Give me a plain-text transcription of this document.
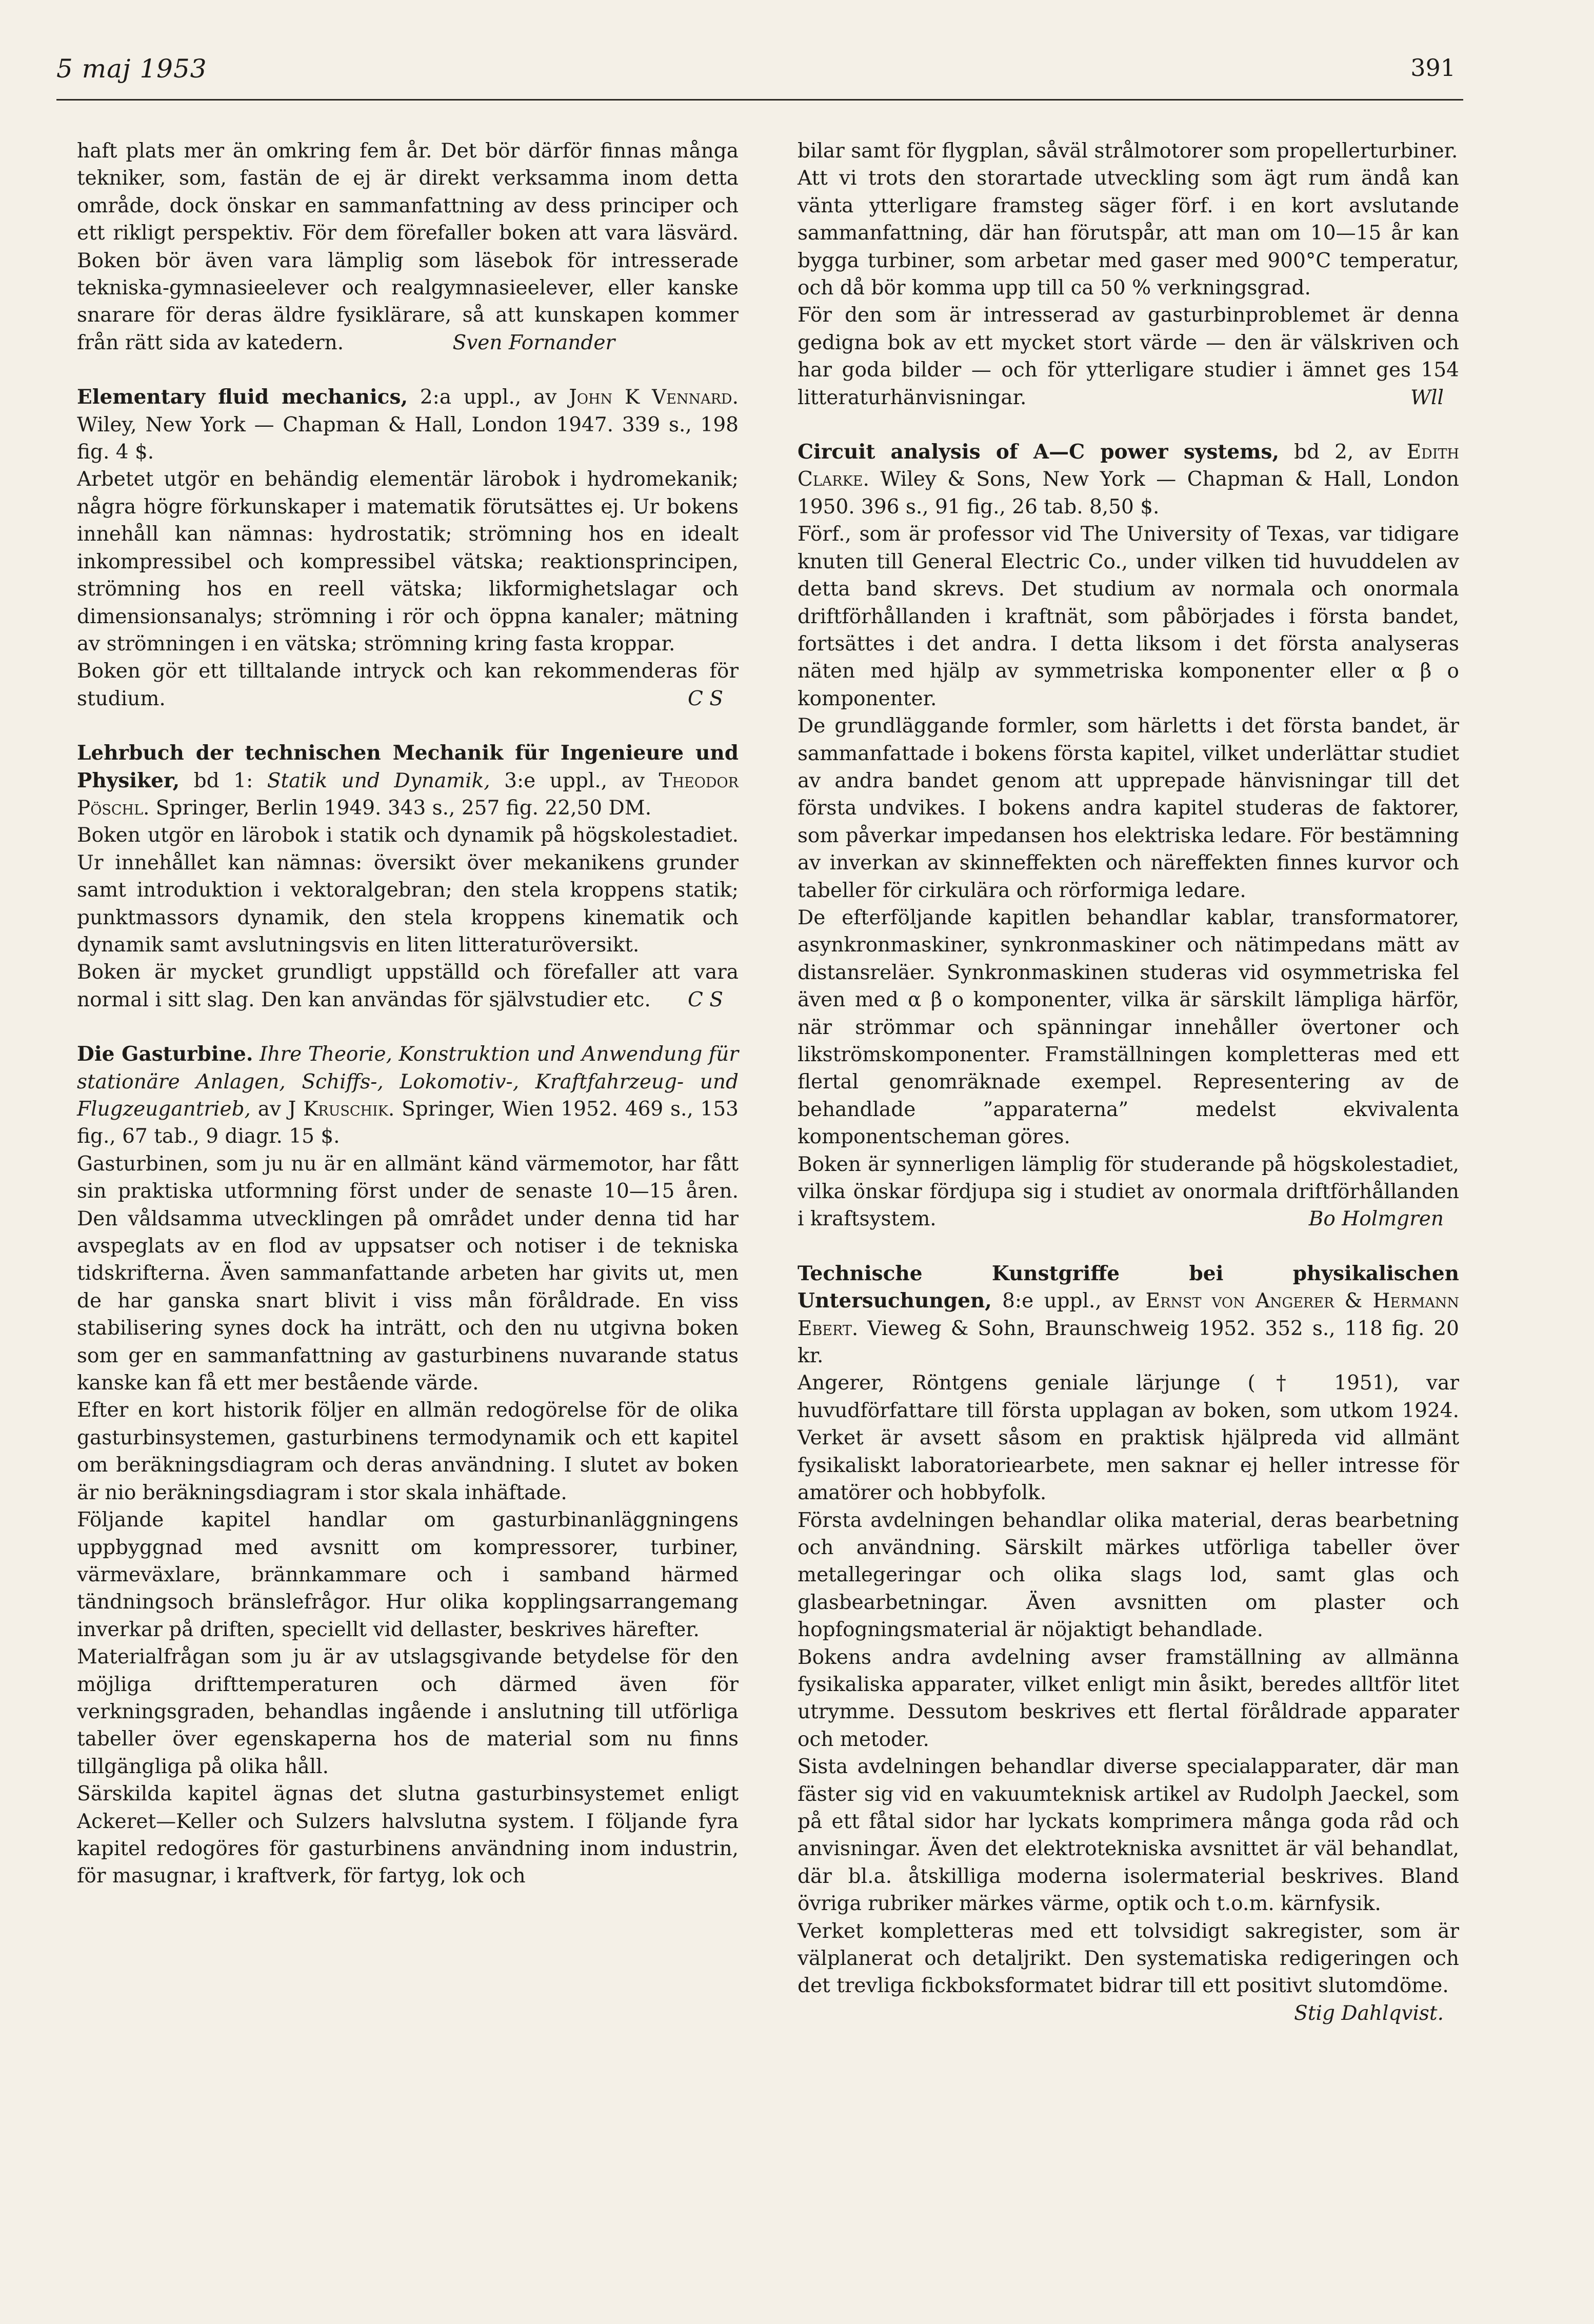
5 maj 1953	391

haft plats mer än omkring fem år. Det bör därför finnas många tekniker, som, fastän de ej är direkt verksamma inom detta område, dock önskar en sammanfattning av dess principer och ett rikligt perspektiv. För dem förefaller boken att vara läsvärd. Boken bör även vara lämplig som läsebok för intresserade tekniska-gymnasieelever och realgymnasieelever, eller kanske snarare för deras äldre fysiklärare, så att kunskapen kommer från rätt sida av katedern.	Sven Fornander

Elementary fluid mechanics, 2:a uppl., av John K Vennard. Wiley, New York — Chapman & Hall, London 1947. 339 s., 198 fig. 4 $.

Arbetet utgör en behändig elementär lärobok i hydromekanik; några högre förkunskaper i matematik förutsättes ej. Ur bokens innehåll kan nämnas: hydrostatik; strömning hos en idealt inkompressibel och kompressibel vätska; reaktionsprincipen, strömning hos en reell vätska; likformighetslagar och dimensionsanalys; strömning i rör och öppna kanaler; mätning av strömningen i en vätska; strömning kring fasta kroppar.

Boken gör ett tilltalande intryck och kan rekommenderas för studium.	C S

Lehrbuch der technischen Mechanik für Ingenieure und Physiker, bd 1: Statik und Dynamik, 3:e uppl., av Theodor Pöschl. Springer, Berlin 1949. 343 s., 257 fig. 22,50 DM.

Boken utgör en lärobok i statik och dynamik på högskolestadiet. Ur innehållet kan nämnas: översikt över mekanikens grunder samt introduktion i vektoralgebran; den stela kroppens statik; punktmassors dynamik, den stela kroppens kinematik och dynamik samt avslutningsvis en liten litteraturöversikt.

Boken är mycket grundligt uppställd och förefaller att vara normal i sitt slag. Den kan användas för självstudier etc. C S

Die Gasturbine. Ihre Theorie, Konstruktion und Anwendung für stationäre Anlagen, Schiffs-, Lokomotiv-, Kraftfahrzeug- und Flugzeugantrieb, av J Kruschik. Springer, Wien 1952. 469 s., 153 fig., 67 tab., 9 diagr. 15 $.

Gasturbinen, som ju nu är en allmänt känd värmemotor, har fått sin praktiska utformning först under de senaste 10—15 åren. Den våldsamma utvecklingen på området under denna tid har avspeglats av en flod av uppsatser och notiser i de tekniska tidskrifterna. Även sammanfattande arbeten har givits ut, men de har ganska snart blivit i viss mån föråldrade. En viss stabilisering synes dock ha inträtt, och den nu utgivna boken som ger en sammanfattning av gasturbinens nuvarande status kanske kan få ett mer bestående värde.

Efter en kort historik följer en allmän redogörelse för de olika gasturbinsystemen, gasturbinens termodynamik och ett kapitel om beräkningsdiagram och deras användning. I slutet av boken är nio beräkningsdiagram i stor skala inhäftade.

Följande kapitel handlar om gasturbinanläggningens uppbyggnad med avsnitt om kompressorer, turbiner, värmeväxlare, brännkammare och i samband härmed tändningsoch bränslefrågor. Hur olika kopplingsarrangemang inverkar på driften, speciellt vid dellaster, beskrives härefter.

Materialfrågan som ju är av utslagsgivande betydelse för den möjliga drifttemperaturen och därmed även för verkningsgraden, behandlas ingående i anslutning till utförliga tabeller över egenskaperna hos de material som nu finns tillgängliga på olika håll.

Särskilda kapitel ägnas det slutna gasturbinsystemet enligt Ackeret—Keller och Sulzers halvslutna system. I följande fyra kapitel redogöres för gasturbinens användning inom industrin, för masugnar, i kraftverk, för fartyg, lok och

bilar samt för flygplan, såväl strålmotorer som propellerturbiner.

Att vi trots den storartade utveckling som ägt rum ändå kan vänta ytterligare framsteg säger förf. i en kort avslutande sammanfattning, där han förutspår, att man om 10—15 år kan bygga turbiner, som arbetar med gaser med 900°C temperatur, och då bör komma upp till ca 50 % verkningsgrad.

För den som är intresserad av gasturbinproblemet är denna gedigna bok av ett mycket stort värde — den är välskriven och har goda bilder — och för ytterligare studier i ämnet ges 154 litteraturhänvisningar.	Wll

Circuit analysis of A—C power systems, bd 2, av Edith Clarke. Wiley & Sons, New York — Chapman & Hall, London 1950. 396 s., 91 fig., 26 tab. 8,50 $.

Förf., som är professor vid The University of Texas, var tidigare knuten till General Electric Co., under vilken tid huvuddelen av detta band skrevs. Det studium av normala och onormala driftförhållanden i kraftnät, som påbörjades i första bandet, fortsättes i det andra. I detta liksom i det första analyseras näten med hjälp av symmetriska komponenter eller α β o komponenter.

De grundläggande formler, som härletts i det första bandet, är sammanfattade i bokens första kapitel, vilket underlättar studiet av andra bandet genom att upprepade hänvisningar till det första undvikes. I bokens andra kapitel studeras de faktorer, som påverkar impedansen hos elektriska ledare. För bestämning av inverkan av skinneffekten och näreffekten finnes kurvor och tabeller för cirkulära och rörformiga ledare.

De efterföljande kapitlen behandlar kablar, transformatorer, asynkronmaskiner, synkronmaskiner och nätimpedans mätt av distansreläer. Synkronmaskinen studeras vid osymmetriska fel även med α β o komponenter, vilka är särskilt lämpliga härför, när strömmar och spänningar innehåller övertoner och likströmskomponenter. Framställningen kompletteras med ett flertal genomräknade exempel. Representering av de behandlade ”apparaterna” medelst ekvivalenta komponentscheman göres.

Boken är synnerligen lämplig för studerande på högskolestadiet, vilka önskar fördjupa sig i studiet av onormala driftförhållanden i kraftsystem.	Bo Holmgren

Technische Kunstgriffe bei physikalischen Untersuchungen, 8:e uppl., av Ernst von Angerer & Hermann Ebert. Vieweg & Sohn, Braunschweig 1952. 352 s., 118 fig. 20 kr.

Angerer, Röntgens geniale lärjunge († 1951), var huvudförfattare till första upplagan av boken, som utkom 1924. Verket är avsett såsom en praktisk hjälpreda vid allmänt fysikaliskt laboratoriearbete, men saknar ej heller intresse för amatörer och hobbyfolk.

Första avdelningen behandlar olika material, deras bearbetning och användning. Särskilt märkes utförliga tabeller över metallegeringar och olika slags lod, samt glas och glasbearbetningar. Även avsnitten om plaster och hopfogningsmaterial är nöjaktigt behandlade.

Bokens andra avdelning avser framställning av allmänna fysikaliska apparater, vilket enligt min åsikt, beredes alltför litet utrymme. Dessutom beskrives ett flertal föråldrade apparater och metoder.

Sista avdelningen behandlar diverse specialapparater, där man fäster sig vid en vakuumteknisk artikel av Rudolph Jaeckel, som på ett fåtal sidor har lyckats komprimera många goda råd och anvisningar. Även det elektrotekniska avsnittet är väl behandlat, där bl.a. åtskilliga moderna isolermaterial beskrives. Bland övriga rubriker märkes värme, optik och t.o.m. kärnfysik.

Verket kompletteras med ett tolvsidigt sakregister, som är välplanerat och detaljrikt. Den systematiska redigeringen och det trevliga fickboksformatet bidrar till ett positivt slutomdöme.
Stig Dahlqvist.
